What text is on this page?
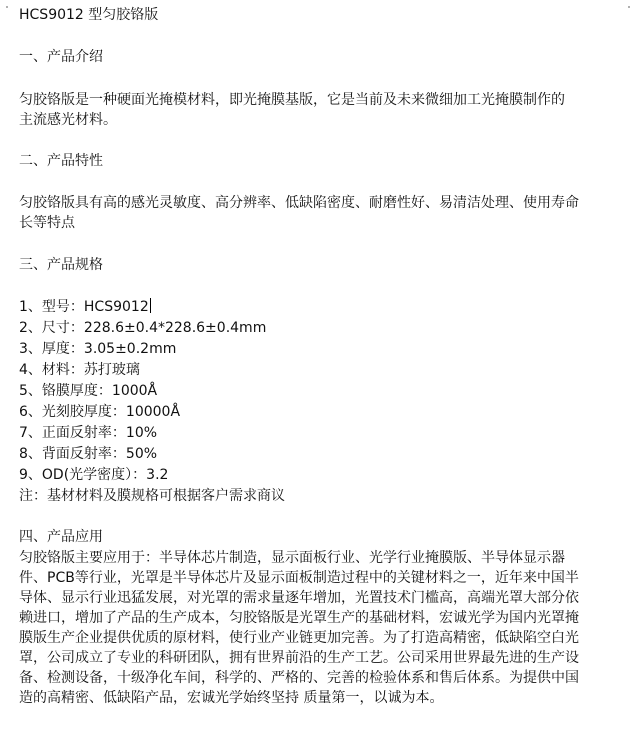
HCS9012 型匀胶铬版
一、产品介绍
匀胶铬版是一种硬面光掩模材料，即光掩膜基版，它是当前及未来微细加工光掩膜制作的主流感光材料。
二、产品特性
匀胶铬版具有高的感光灵敏度、高分辨率、低缺陷密度、耐磨性好、易清洁处理、使用寿命长等特点
三、产品规格
1、型号：HCS9012
2、尺寸：228.6±0.4*228.6±0.4mm
3、厚度：3.05±0.2mm
4、材料：苏打玻璃
5、铬膜厚度：1000Å
6、光刻胶厚度：10000Å
7、正面反射率：10%
8、背面反射率：50%
9、OD(光学密度）：3.2
注：基材材料及膜规格可根据客户需求商议
四、产品应用
匀胶铬版主要应用于：半导体芯片制造，显示面板行业、光学行业掩膜版、半导体显示器件、PCB等行业，光罩是半导体芯片及显示面板制造过程中的关键材料之一，近年来中国半导体、显示行业迅猛发展，对光罩的需求量逐年增加，光置技术门槛高，高端光罩大部分依赖进口，增加了产品的生产成本，匀胶铬版是光罩生产的基础材料，宏诚光学为国内光罩掩膜版生产企业提供优质的原材料，使行业产业链更加完善。为了打造高精密，低缺陷空白光罩，公司成立了专业的科研团队，拥有世界前沿的生产工艺。公司采用世界最先进的生产设备、检测设备，十级净化车间，科学的、严格的、完善的检验体系和售后体系。为提供中国造的高精密、低缺陷产品，宏诚光学始终坚持 质量第一，以诚为本。
